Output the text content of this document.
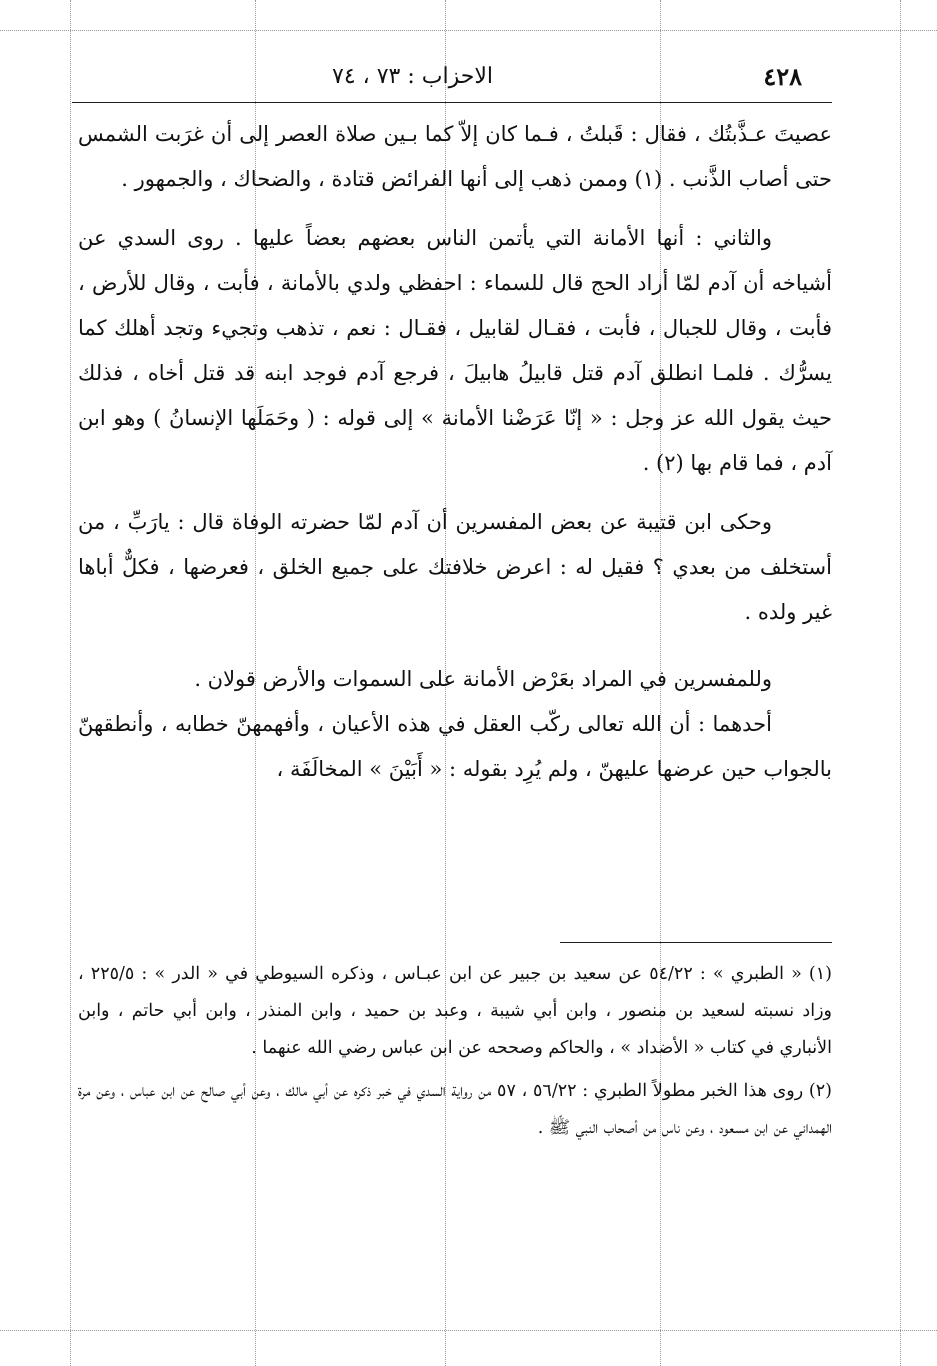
الاحزاب : ٧٣ ، ٧٤	٤٢٨

عصيتَ عـذَّبتُك ، فقال : قَبلتُ ، فـما كان إلاّ كما بـين صلاة العصر إلى أن غرَبت الشمس حتى أصاب الذَّنب . (١) وممن ذهب إلى أنها الفرائض قتادة ، والضحاك ، والجمهور .

والثاني : أنها الأمانة التي يأتمن الناس بعضهم بعضاً عليها . روى السدي عن أشياخه أن آدم لمّا أراد الحج قال للسماء : احفظي ولدي بالأمانة ، فأبت ، وقال للأرض ، فأبت ، وقال للجبال ، فأبت ، فقـال لقابيل ، فقـال : نعم ، تذهب وتجيء وتجد أهلك كما يسرُّك . فلمـا انطلق آدم قتل قابيلُ هابيلَ ، فرجع آدم فوجد ابنه قد قتل أخاه ، فذلك حيث يقول الله عز وجل : « إنّا عَرَضْنا الأمانة » إلى قوله : ( وحَمَلَها الإنسانُ ) وهو ابن آدم ، فما قام بها (٢) .

وحكى ابن قتيبة عن بعض المفسرين أن آدم لمّا حضرته الوفاة قال : يارَبِّ ، من أستخلف من بعدي ؟ فقيل له : اعرض خلافتك على جميع الخلق ، فعرضها ، فكلٌّ أباها غير ولده .

وللمفسرين في المراد بعَرْض الأمانة على السموات والأرض قولان .

أحدهما : أن الله تعالى ركّب العقل في هذه الأعيان ، وأفهمهنّ خطابه ، وأنطقهنّ بالجواب حين عرضها عليهنّ ، ولم يُرِد بقوله : « أَبَيْنَ » المخالَفَة ،

(١) « الطبري » : ٥٤/٢٢ عن سعيد بن جبير عن ابن عبـاس ، وذكره السيوطي في « الدر » : ٢٢٥/٥ ، وزاد نسبته لسعيد بن منصور ، وابن أبي شيبة ، وعبد بن حميد ، وابن المنذر ، وابن أبي حاتم ، وابن الأنباري في كتاب « الأضداد » ، والحاكم وصححه عن ابن عباس رضي الله عنهما .

(٢) روى هذا الخبر مطولاً الطبري : ٥٦/٢٢ ، ٥٧ من رواية السدي في خبر ذكره عن أبي مالك ، وعن أبي صالح عن ابن عباس ، وعن مرة الهمداني عن ابن مسعود ، وعن ناس من أصحاب النبي ﷺ .
